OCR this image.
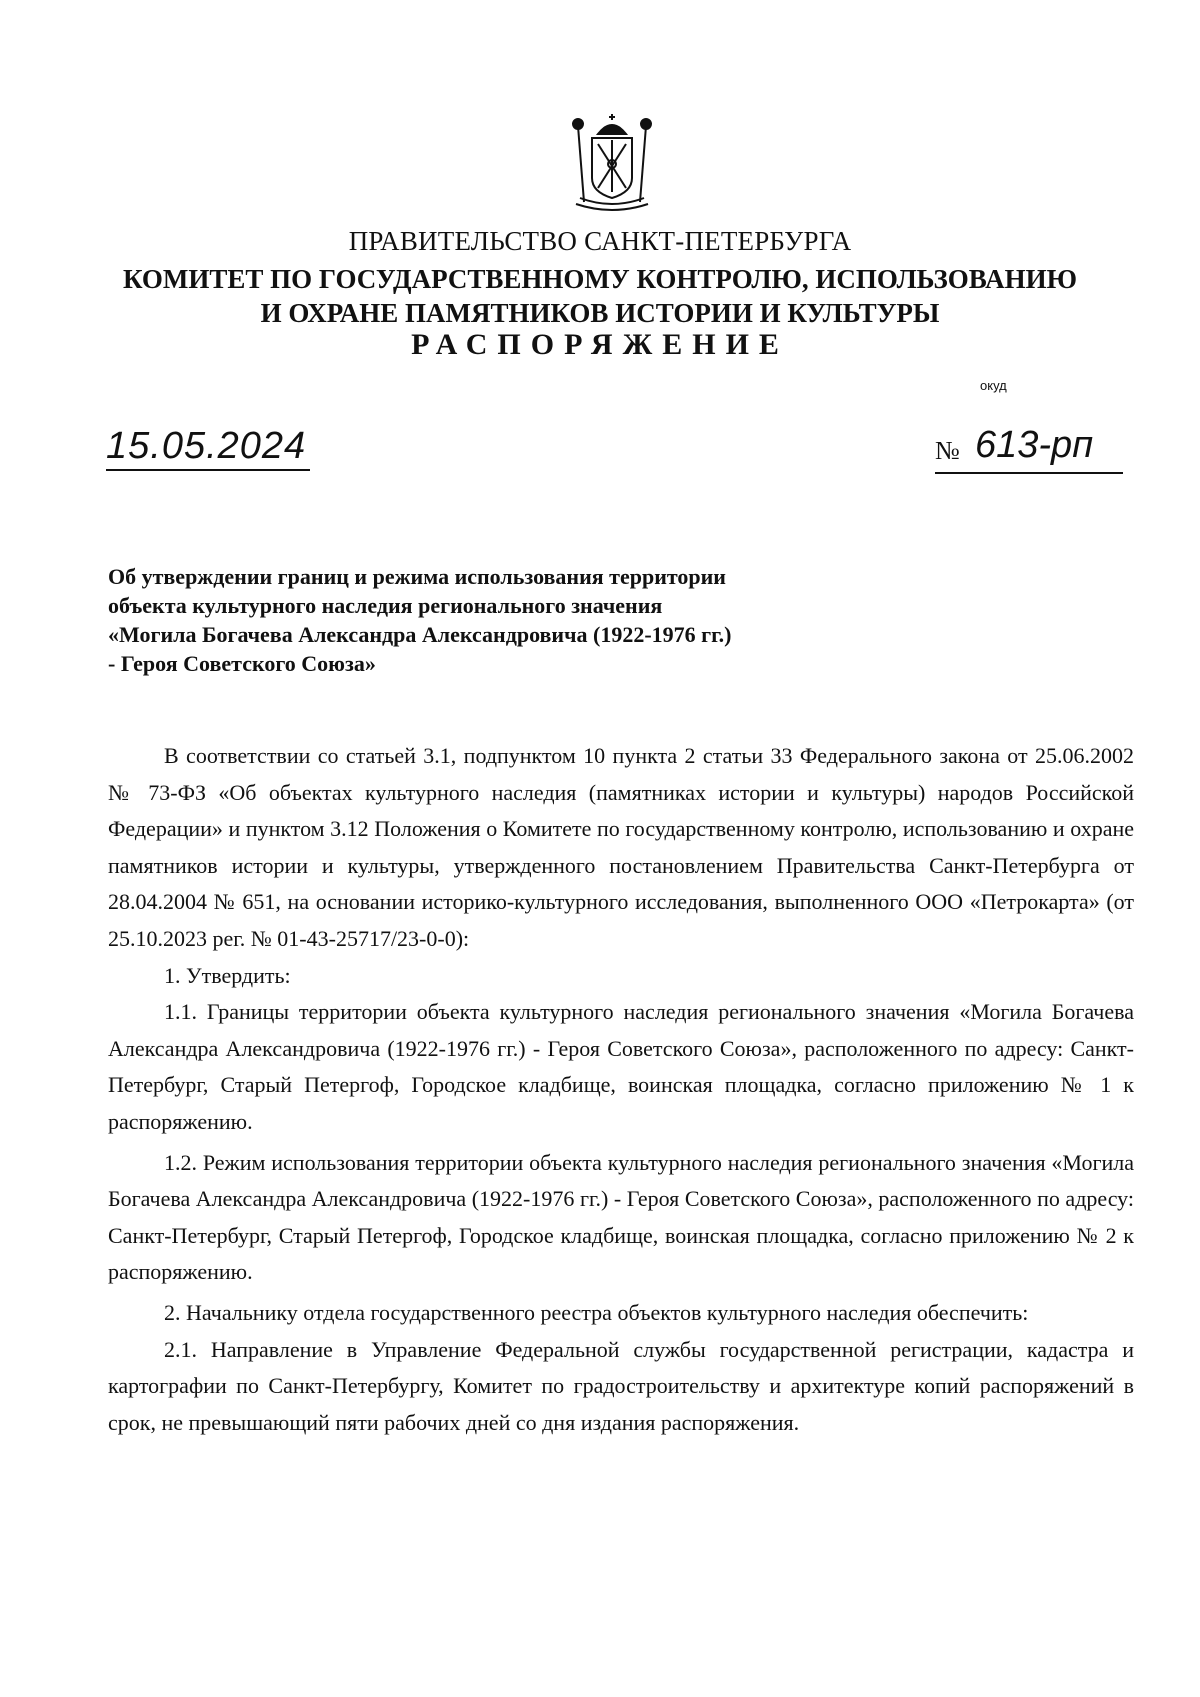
ПРАВИТЕЛЬСТВО САНКТ-ПЕТЕРБУРГА
КОМИТЕТ ПО ГОСУДАРСТВЕННОМУ КОНТРОЛЮ, ИСПОЛЬЗОВАНИЮ
И ОХРАНЕ ПАМЯТНИКОВ ИСТОРИИ И КУЛЬТУРЫ
РАСПОРЯЖЕНИЕ
окуд
15.05.2024	№ 613-рп
Об утверждении границ и режима использования территории
объекта культурного наследия регионального значения
«Могила Богачева Александра Александровича (1922-1976 гг.)
- Героя Советского Союза»

В соответствии со статьей 3.1, подпунктом 10 пункта 2 статьи 33 Федерального закона от 25.06.2002 № 73-ФЗ «Об объектах культурного наследия (памятниках истории и культуры) народов Российской Федерации» и пунктом 3.12 Положения о Комитете по государственному контролю, использованию и охране памятников истории и культуры, утвержденного постановлением Правительства Санкт-Петербурга от 28.04.2004 № 651, на основании историко-культурного исследования, выполненного ООО «Петрокарта» (от 25.10.2023 рег. № 01-43-25717/23-0-0):

1. Утвердить:

1.1. Границы территории объекта культурного наследия регионального значения «Могила Богачева Александра Александровича (1922-1976 гг.) - Героя Советского Союза», расположенного по адресу: Санкт-Петербург, Старый Петергоф, Городское кладбище, воинская площадка, согласно приложению № 1 к распоряжению.

1.2. Режим использования территории объекта культурного наследия регионального значения «Могила Богачева Александра Александровича (1922-1976 гг.) - Героя Советского Союза», расположенного по адресу: Санкт-Петербург, Старый Петергоф, Городское кладбище, воинская площадка, согласно приложению № 2 к распоряжению.

2. Начальнику отдела государственного реестра объектов культурного наследия обеспечить:

2.1. Направление в Управление Федеральной службы государственной регистрации, кадастра и картографии по Санкт-Петербургу, Комитет по градостроительству и архитектуре копий распоряжений в срок, не превышающий пяти рабочих дней со дня издания распоряжения.
